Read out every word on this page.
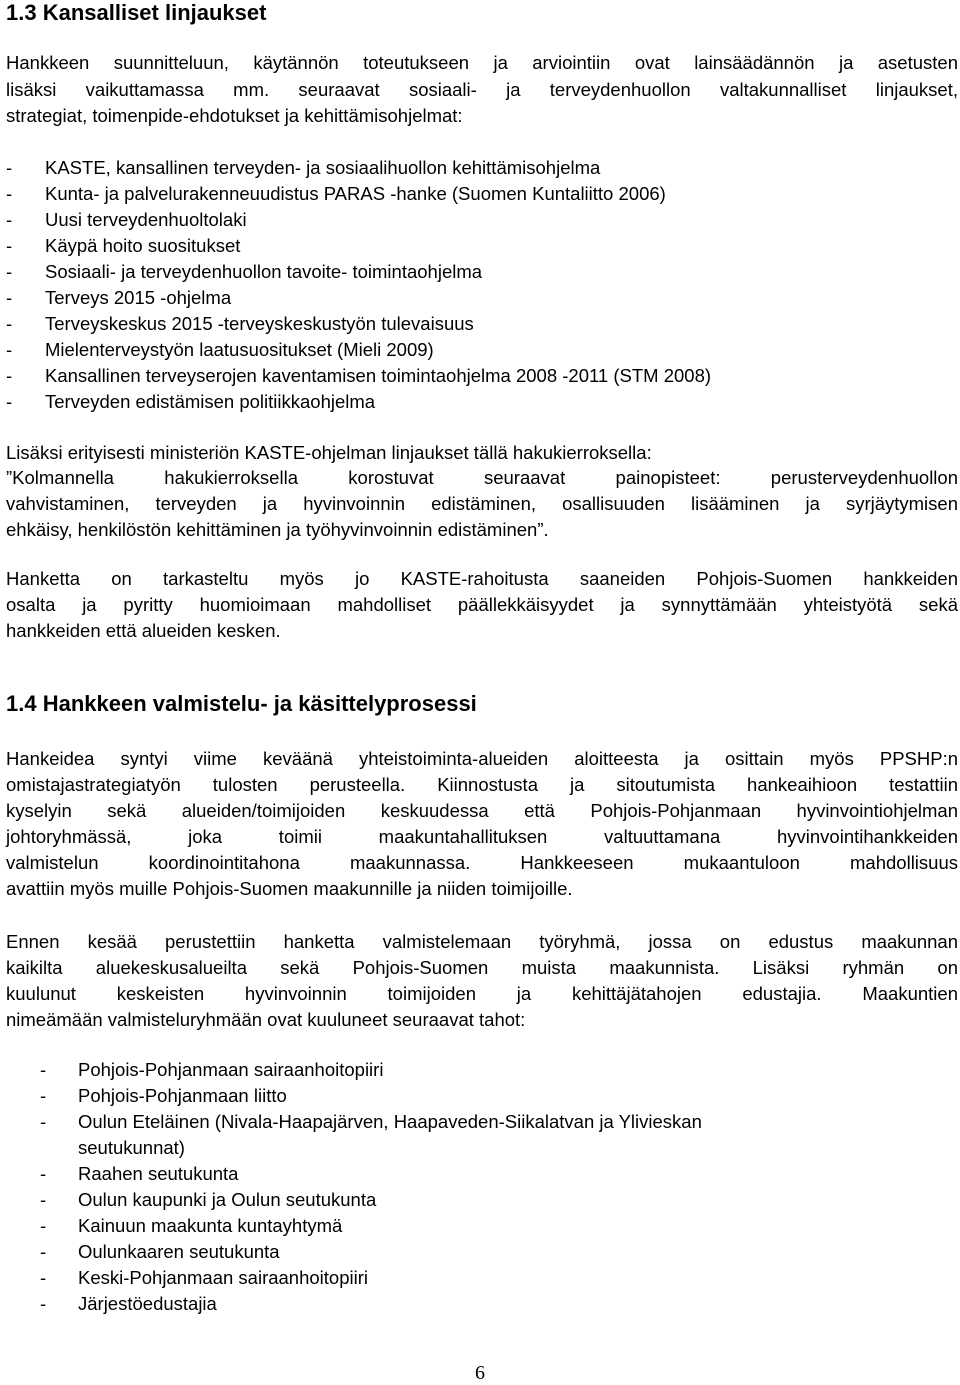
1.3 Kansalliset linjaukset

Hankkeen suunnitteluun, käytännön toteutukseen ja arviointiin ovat lainsäädännön ja asetusten

lisäksi vaikuttamassa mm. seuraavat sosiaali- ja terveydenhuollon valtakunnalliset linjaukset,

strategiat, toimenpide-ehdotukset ja kehittämisohjelmat:

- KASTE, kansallinen terveyden- ja sosiaalihuollon kehittämisohjelma
- Kunta- ja palvelurakenneuudistus PARAS -hanke (Suomen Kuntaliitto 2006)
- Uusi terveydenhuoltolaki
- Käypä hoito suositukset
- Sosiaali- ja terveydenhuollon tavoite- toimintaohjelma
- Terveys 2015 -ohjelma
- Terveyskeskus 2015 -terveyskeskustyön tulevaisuus
- Mielenterveystyön laatusuositukset (Mieli 2009)
- Kansallinen terveyserojen kaventamisen toimintaohjelma 2008 -2011 (STM 2008)
- Terveyden edistämisen politiikkaohjelma

Lisäksi erityisesti ministeriön KASTE-ohjelman linjaukset tällä hakukierroksella:

”Kolmannella hakukierroksella korostuvat seuraavat painopisteet: perusterveydenhuollon

vahvistaminen, terveyden ja hyvinvoinnin edistäminen, osallisuuden lisääminen ja syrjäytymisen

ehkäisy, henkilöstön kehittäminen ja työhyvinvoinnin edistäminen”.

Hanketta on tarkasteltu myös jo KASTE-rahoitusta saaneiden Pohjois-Suomen hankkeiden

osalta ja pyritty huomioimaan mahdolliset päällekkäisyydet ja synnyttämään yhteistyötä sekä

hankkeiden että alueiden kesken.

1.4 Hankkeen valmistelu- ja käsittelyprosessi

Hankeidea syntyi viime keväänä yhteistoiminta-alueiden aloitteesta ja osittain myös PPSHP:n

omistajastrategiatyön tulosten perusteella. Kiinnostusta ja sitoutumista hankeaihioon testattiin

kyselyin sekä alueiden/toimijoiden keskuudessa että Pohjois-Pohjanmaan hyvinvointiohjelman

johtoryhmässä, joka toimii maakuntahallituksen valtuuttamana hyvinvointihankkeiden

valmistelun koordinointitahona maakunnassa. Hankkeeseen mukaantuloon mahdollisuus

avattiin myös muille Pohjois-Suomen maakunnille ja niiden toimijoille.

Ennen kesää perustettiin hanketta valmistelemaan työryhmä, jossa on edustus maakunnan

kaikilta aluekeskusalueilta sekä Pohjois-Suomen muista maakunnista. Lisäksi ryhmän on

kuulunut keskeisten hyvinvoinnin toimijoiden ja kehittäjätahojen edustajia. Maakuntien

nimeämään valmisteluryhmään ovat kuuluneet seuraavat tahot:

- Pohjois-Pohjanmaan sairaanhoitopiiri
- Pohjois-Pohjanmaan liitto
- Oulun Eteläinen (Nivala-Haapajärven, Haapaveden-Siikalatvan ja Ylivieskan
seutukunnat)
- Raahen seutukunta
- Oulun kaupunki ja Oulun seutukunta
- Kainuun maakunta kuntayhtymä
- Oulunkaaren seutukunta
- Keski-Pohjanmaan sairaanhoitopiiri
- Järjestöedustajia
6
